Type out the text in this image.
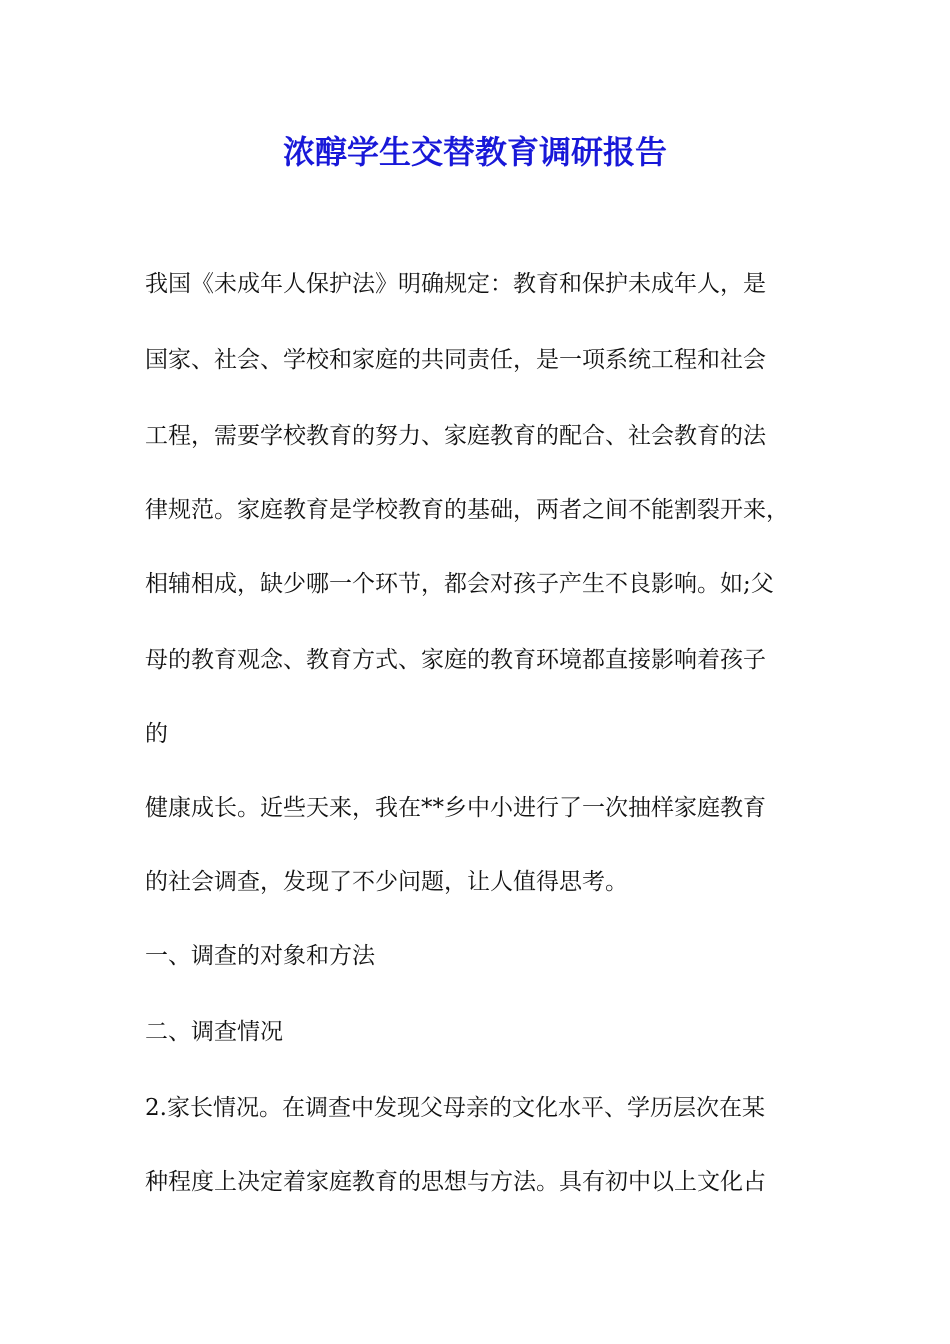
浓醇学生交替教育调研报告

我国《未成年人保护法》明确规定：教育和保护未成年人，是

国家、社会、学校和家庭的共同责任，是一项系统工程和社会

工程，需要学校教育的努力、家庭教育的配合、社会教育的法

律规范。家庭教育是学校教育的基础，两者之间不能割裂开来，

相辅相成，缺少哪一个环节，都会对孩子产生不良影响。如;父

母的教育观念、教育方式、家庭的教育环境都直接影响着孩子

的

健康成长。近些天来，我在**乡中小进行了一次抽样家庭教育

的社会调查，发现了不少问题，让人值得思考。

一、调查的对象和方法

二、调查情况

2.家长情况。在调查中发现父母亲的文化水平、学历层次在某

种程度上决定着家庭教育的思想与方法。具有初中以上文化占
